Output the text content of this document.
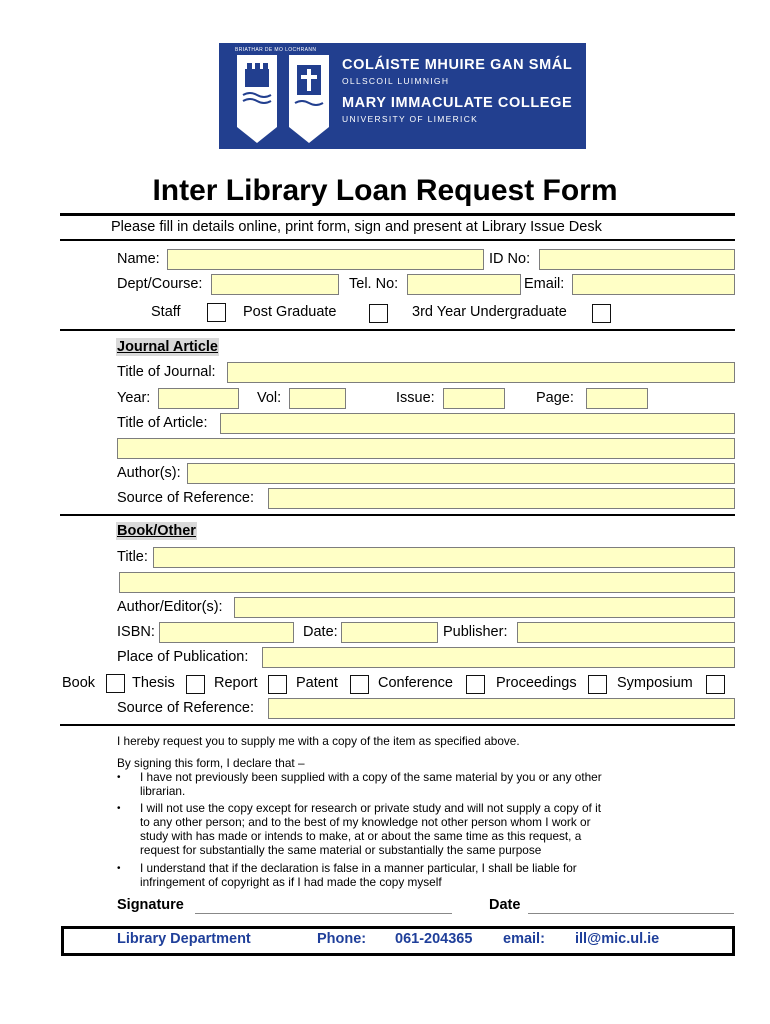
BRIATHAR DE MO LOCHRANN
COLÁISTE MHUIRE GAN SMÁL
OLLSCOIL LUIMNIGH
MARY IMMACULATE COLLEGE
UNIVERSITY OF LIMERICK
Inter Library Loan Request Form
Please fill in details online, print form, sign and present at Library Issue Desk
Name:	ID No:
Dept/Course:	Tel. No:	Email:
Staff	Post Graduate	3rd Year Undergraduate
Journal Article
Title of Journal:
Year:	Vol:	Issue:	Page:
Title of Article:
Author(s):
Source of Reference:
Book/Other
Title:
Author/Editor(s):
ISBN:	Date:	Publisher:
Place of Publication:
Book	Thesis	Report	Patent	Conference	Proceedings	Symposium
Source of Reference:
I hereby request you to supply me with a copy of the item as specified above.
By signing this form, I declare that –
• I have not previously been supplied with a copy of the same material by you or any other
librarian.
• I will not use the copy except for research or private study and will not supply a copy of it
to any other person; and to the best of my knowledge not other person whom I work or
study with has made or intends to make, at or about the same time as this request, a
request for substantially the same material or substantially the same purpose
• I understand that if the declaration is false in a manner particular, I shall be liable for
infringement of copyright as if I had made the copy myself
Signature	Date
Library Department	Phone: 061-204365 email: ill@mic.ul.ie
